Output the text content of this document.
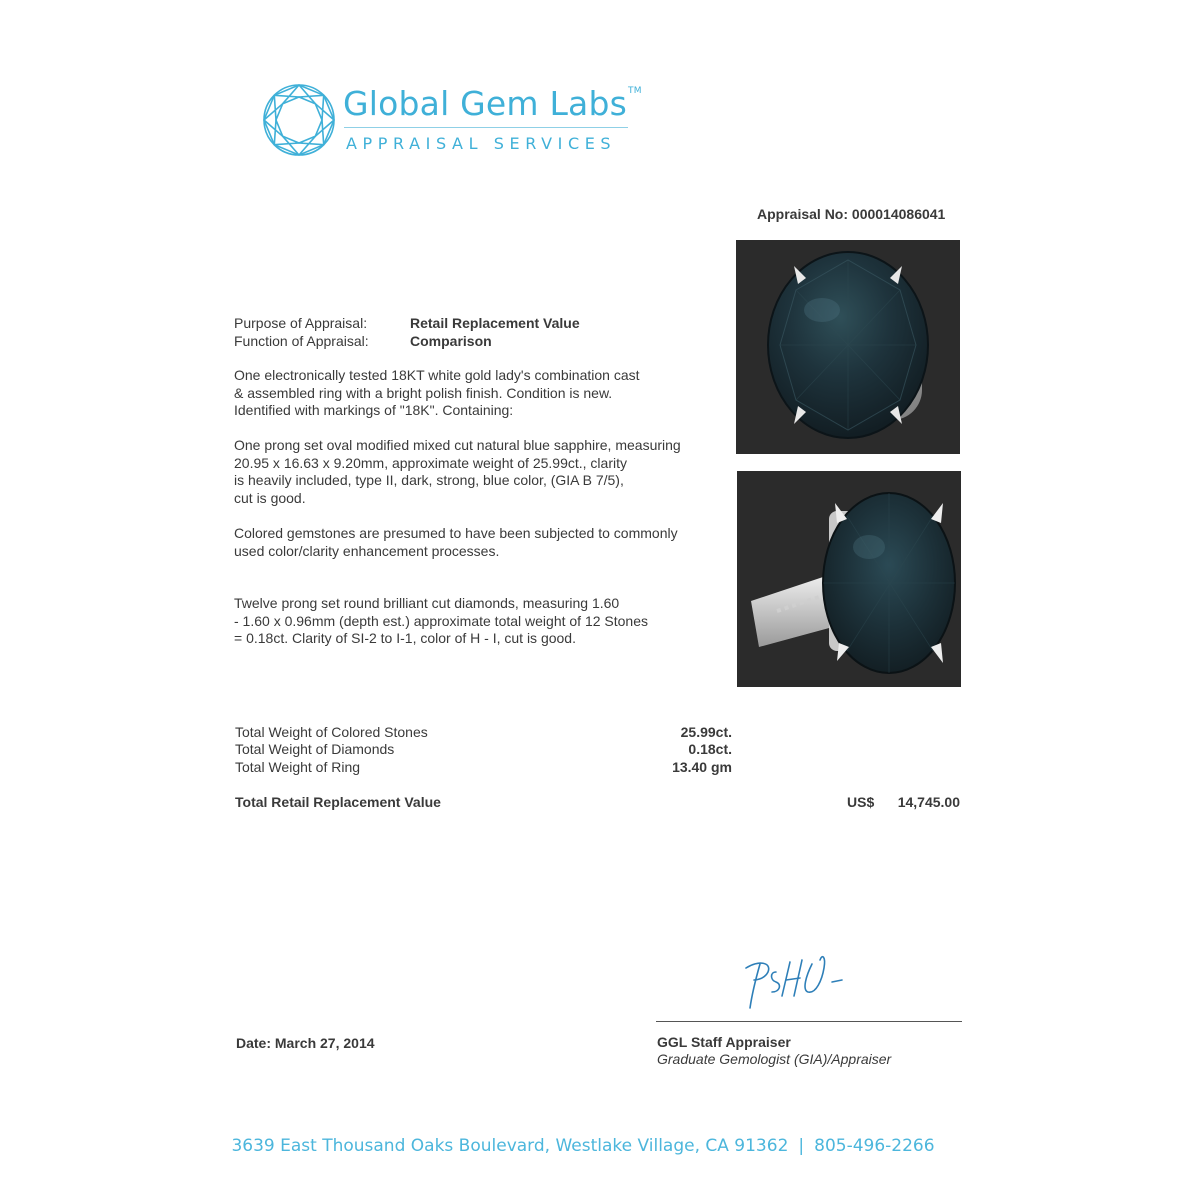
Global Gem Labs™
APPRAISAL SERVICES
Appraisal No: 000014086041
Purpose of Appraisal:	Retail Replacement Value
Function of Appraisal:	Comparison
One electronically tested 18KT white gold lady's combination cast
& assembled ring with a bright polish finish. Condition is new.
Identified with markings of "18K". Containing:
One prong set oval modified mixed cut natural blue sapphire, measuring
20.95 x 16.63 x 9.20mm, approximate weight of 25.99ct., clarity
is heavily included, type II, dark, strong, blue color, (GIA B 7/5),
cut is good.
Colored gemstones are presumed to have been subjected to commonly
used color/clarity enhancement processes.
Twelve prong set round brilliant cut diamonds, measuring 1.60
- 1.60 x 0.96mm (depth est.) approximate total weight of 12 Stones
= 0.18ct. Clarity of SI-2 to I-1, color of H - I, cut is good.
Total Weight of Colored Stones	25.99ct.
Total Weight of Diamonds	0.18ct.
Total Weight of Ring	13.40 gm
Total Retail Replacement Value	US$ 14,745.00
GGL Staff Appraiser
Graduate Gemologist (GIA)/Appraiser
Date: March 27, 2014
3639 East Thousand Oaks Boulevard, Westlake Village, CA 91362 | 805-496-2266
